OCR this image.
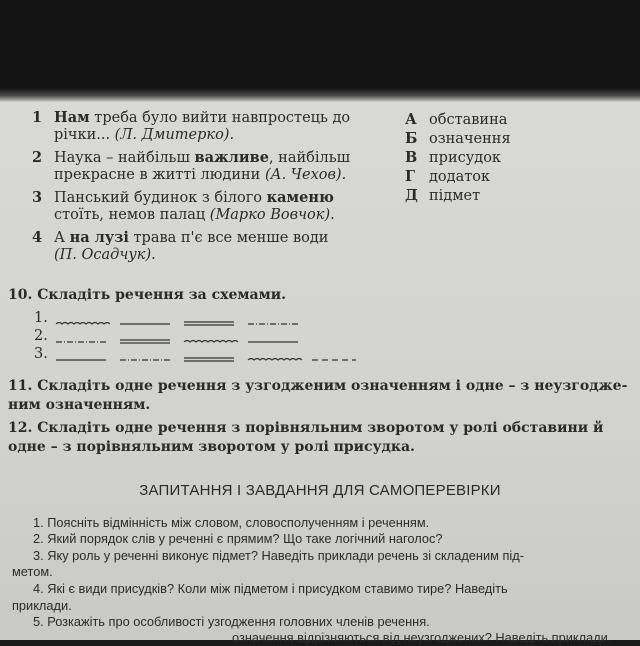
1 Нам треба було вийти навпростець до
річки... (Л. Дмитерко).
2 Наука – найбільш важливе, найбільш
прекрасне в житті людини (А. Чехов).
3 Панський будинок з білого каменю
стоїть, немов палац (Марко Вовчок).
4 А на лузі трава п'є все менше води
(П. Осадчук).
А обставина
Б означення
В присудок
Г додаток
Д підмет
10. Складіть речення за схемами.
1.
2.
3.
11. Складіть одне речення з узгодженим означенням і одне – з неузгодже-
ним означенням.
12. Складіть одне речення з порівняльним зворотом у ролі обставини й
одне – з порівняльним зворотом у ролі присудка.
ЗАПИТАННЯ І ЗАВДАННЯ ДЛЯ САМОПЕРЕВІРКИ
1. Поясніть відмінність між словом, словосполученням і реченням.
2. Який порядок слів у реченні є прямим? Що таке логічний наголос?
3. Яку роль у реченні виконує підмет? Наведіть приклади речень зі складеним під-
метом.
4. Які є види присудків? Коли між підметом і присудком ставимо тире? Наведіть
приклади.
5. Розкажіть про особливості узгодження головних членів речення.
означення відрізняються від неузгоджених? Наведіть приклади.
